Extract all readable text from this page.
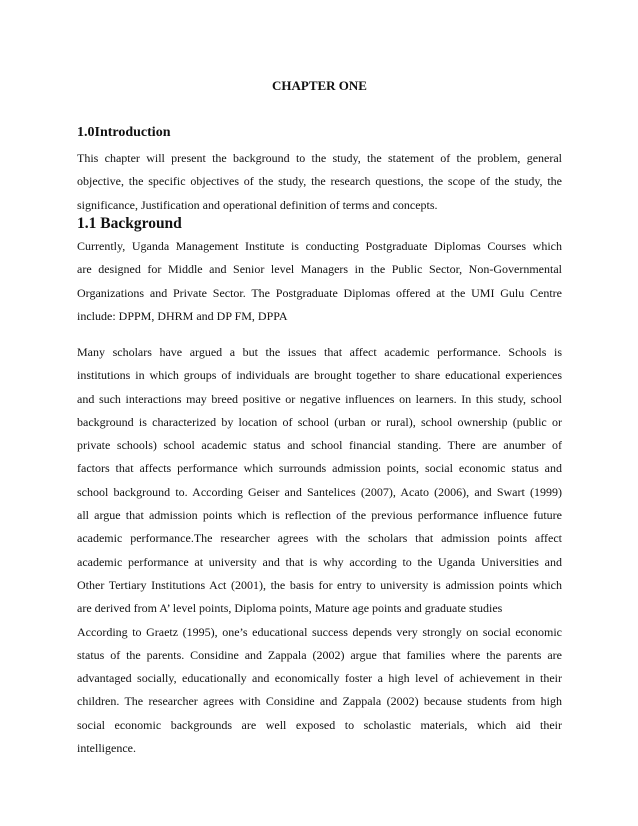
CHAPTER ONE
1.0Introduction
This chapter will present the background to the study, the statement of the problem, general
objective, the specific objectives of the study, the research questions, the scope of the study, the
significance, Justification and operational definition of terms and concepts.
1.1 Background
Currently, Uganda Management Institute is conducting Postgraduate Diplomas Courses which
are designed for Middle and Senior level Managers in the Public Sector, Non-Governmental
Organizations and Private Sector. The Postgraduate Diplomas offered at the UMI Gulu Centre
include: DPPM, DHRM and DP FM, DPPA
Many scholars have argued a but the issues that affect academic performance. Schools is
institutions in which groups of individuals are brought together to share educational experiences
and such interactions may breed positive or negative influences on learners. In this study, school
background is characterized by location of school (urban or rural), school ownership (public or
private schools) school academic status and school financial standing. There are anumber of
factors that affects performance which surrounds admission points, social economic status and
school background to. According Geiser and Santelices (2007), Acato (2006), and Swart (1999)
all argue that admission points which is reflection of the previous performance influence future
academic performance.The researcher agrees with the scholars that admission points affect
academic performance at university and that is why according to the Uganda Universities and
Other Tertiary Institutions Act (2001), the basis for entry to university is admission points which
are derived from A’ level points, Diploma points, Mature age points and graduate studies
According to Graetz (1995), one’s educational success depends very strongly on social economic
status of the parents. Considine and Zappala (2002) argue that families where the parents are
advantaged socially, educationally and economically foster a high level of achievement in their
children. The researcher agrees with Considine and Zappala (2002) because students from high
social economic backgrounds are well exposed to scholastic materials, which aid their
intelligence.
